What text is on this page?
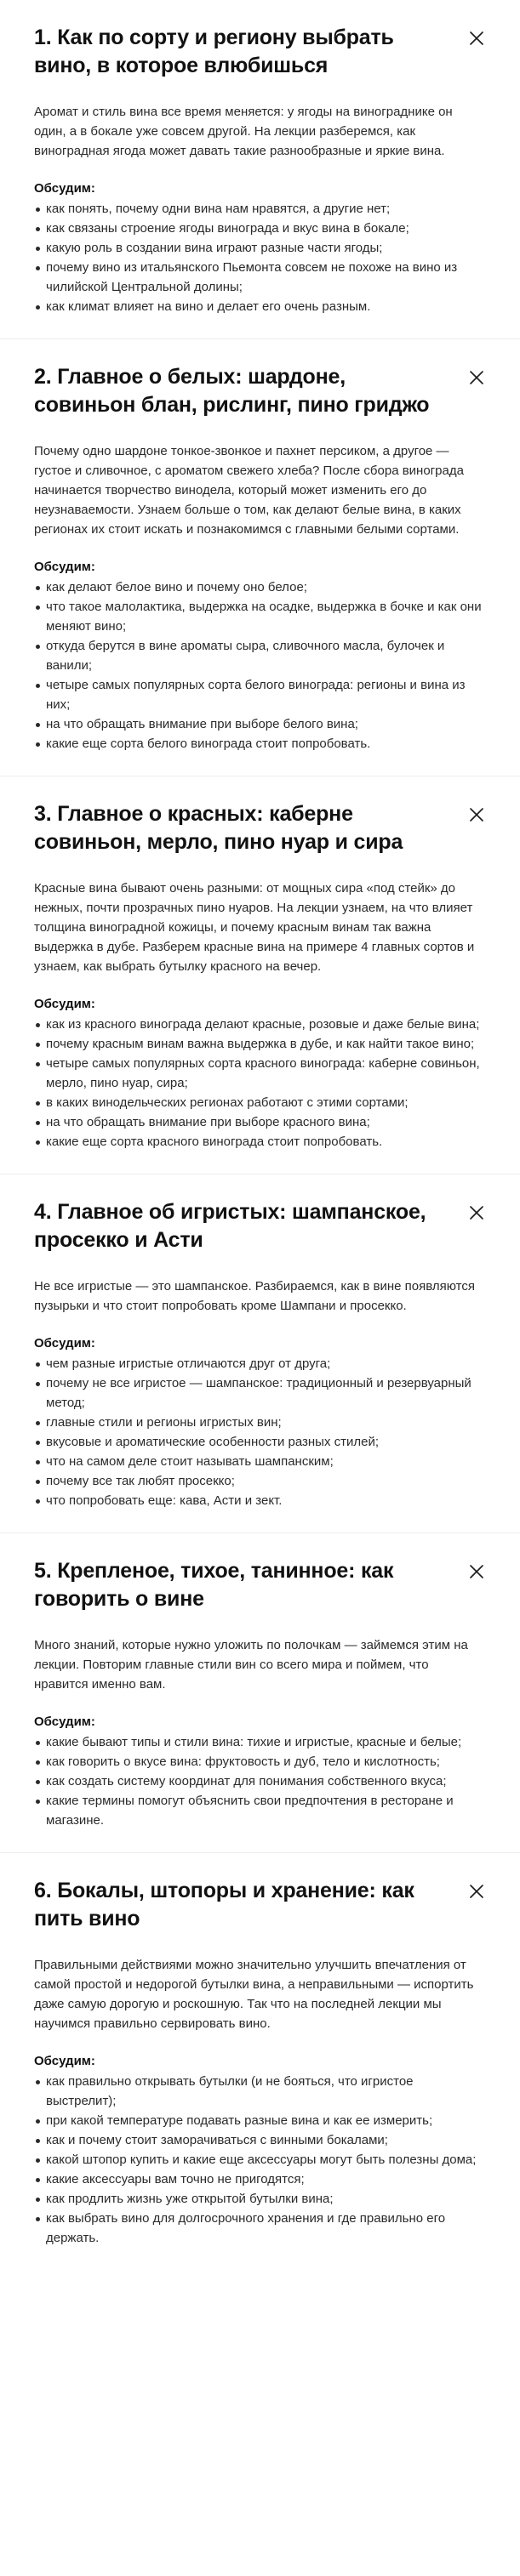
1. Как по сорту и региону выбрать вино, в которое влюбишься

Аромат и стиль вина все время меняется: у ягоды на винограднике он один, а в бокале уже совсем другой. На лекции разберемся, как виноградная ягода может давать такие разнообразные и яркие вина.

Обсудим:
как понять, почему одни вина нам нравятся, а другие нет;
как связаны строение ягоды винограда и вкус вина в бокале;
какую роль в создании вина играют разные части ягоды;
почему вино из итальянского Пьемонта совсем не похоже на вино из чилийской Центральной долины;
как климат влияет на вино и делает его очень разным.
2. Главное о белых: шардоне, совиньон блан, рислинг, пино гриджо

Почему одно шардоне тонкое-звонкое и пахнет персиком, а другое — густое и сливочное, с ароматом свежего хлеба? После сбора винограда начинается творчество винодела, который может изменить его до неузнаваемости. Узнаем больше о том, как делают белые вина, в каких регионах их стоит искать и познакомимся с главными белыми сортами.

Обсудим:
как делают белое вино и почему оно белое;
что такое малолактика, выдержка на осадке, выдержка в бочке и как они меняют вино;
откуда берутся в вине ароматы сыра, сливочного масла, булочек и ванили;
четыре самых популярных сорта белого винограда: регионы и вина из них;
на что обращать внимание при выборе белого вина;
какие еще сорта белого винограда стоит попробовать.
3. Главное о красных: каберне совиньон, мерло, пино нуар и сира

Красные вина бывают очень разными: от мощных сира «под стейк» до нежных, почти прозрачных пино нуаров. На лекции узнаем, на что влияет толщина виноградной кожицы, и почему красным винам так важна выдержка в дубе. Разберем красные вина на примере 4 главных сортов и узнаем, как выбрать бутылку красного на вечер.

Обсудим:
как из красного винограда делают красные, розовые и даже белые вина;
почему красным винам важна выдержка в дубе, и как найти такое вино;
четыре самых популярных сорта красного винограда: каберне совиньон, мерло, пино нуар, сира;
в каких винодельческих регионах работают с этими сортами;
на что обращать внимание при выборе красного вина;
какие еще сорта красного винограда стоит попробовать.
4. Главное об игристых: шампанское, просекко и Асти

Не все игристые — это шампанское. Разбираемся, как в вине появляются пузырьки и что стоит попробовать кроме Шампани и просекко.

Обсудим:
чем разные игристые отличаются друг от друга;
почему не все игристое — шампанское: традиционный и резервуарный метод;
главные стили и регионы игристых вин;
вкусовые и ароматические особенности разных стилей;
что на самом деле стоит называть шампанским;
почему все так любят просекко;
что попробовать еще: кава, Асти и зект.
5. Крепленое, тихое, танинное: как говорить о вине

Много знаний, которые нужно уложить по полочкам — займемся этим на лекции. Повторим главные стили вин со всего мира и поймем, что нравится именно вам.

Обсудим:
какие бывают типы и стили вина: тихие и игристые, красные и белые;
как говорить о вкусе вина: фруктовость и дуб, тело и кислотность;
как создать систему координат для понимания собственного вкуса;
какие термины помогут объяснить свои предпочтения в ресторане и магазине.
6. Бокалы, штопоры и хранение: как пить вино

Правильными действиями можно значительно улучшить впечатления от самой простой и недорогой бутылки вина, а неправильными — испортить даже самую дорогую и роскошную. Так что на последней лекции мы научимся правильно сервировать вино.

Обсудим:
как правильно открывать бутылки (и не бояться, что игристое выстрелит);
при какой температуре подавать разные вина и как ее измерить;
как и почему стоит заморачиваться с винными бокалами;
какой штопор купить и какие еще аксессуары могут быть полезны дома;
какие аксессуары вам точно не пригодятся;
как продлить жизнь уже открытой бутылки вина;
как выбрать вино для долгосрочного хранения и где правильно его держать.
